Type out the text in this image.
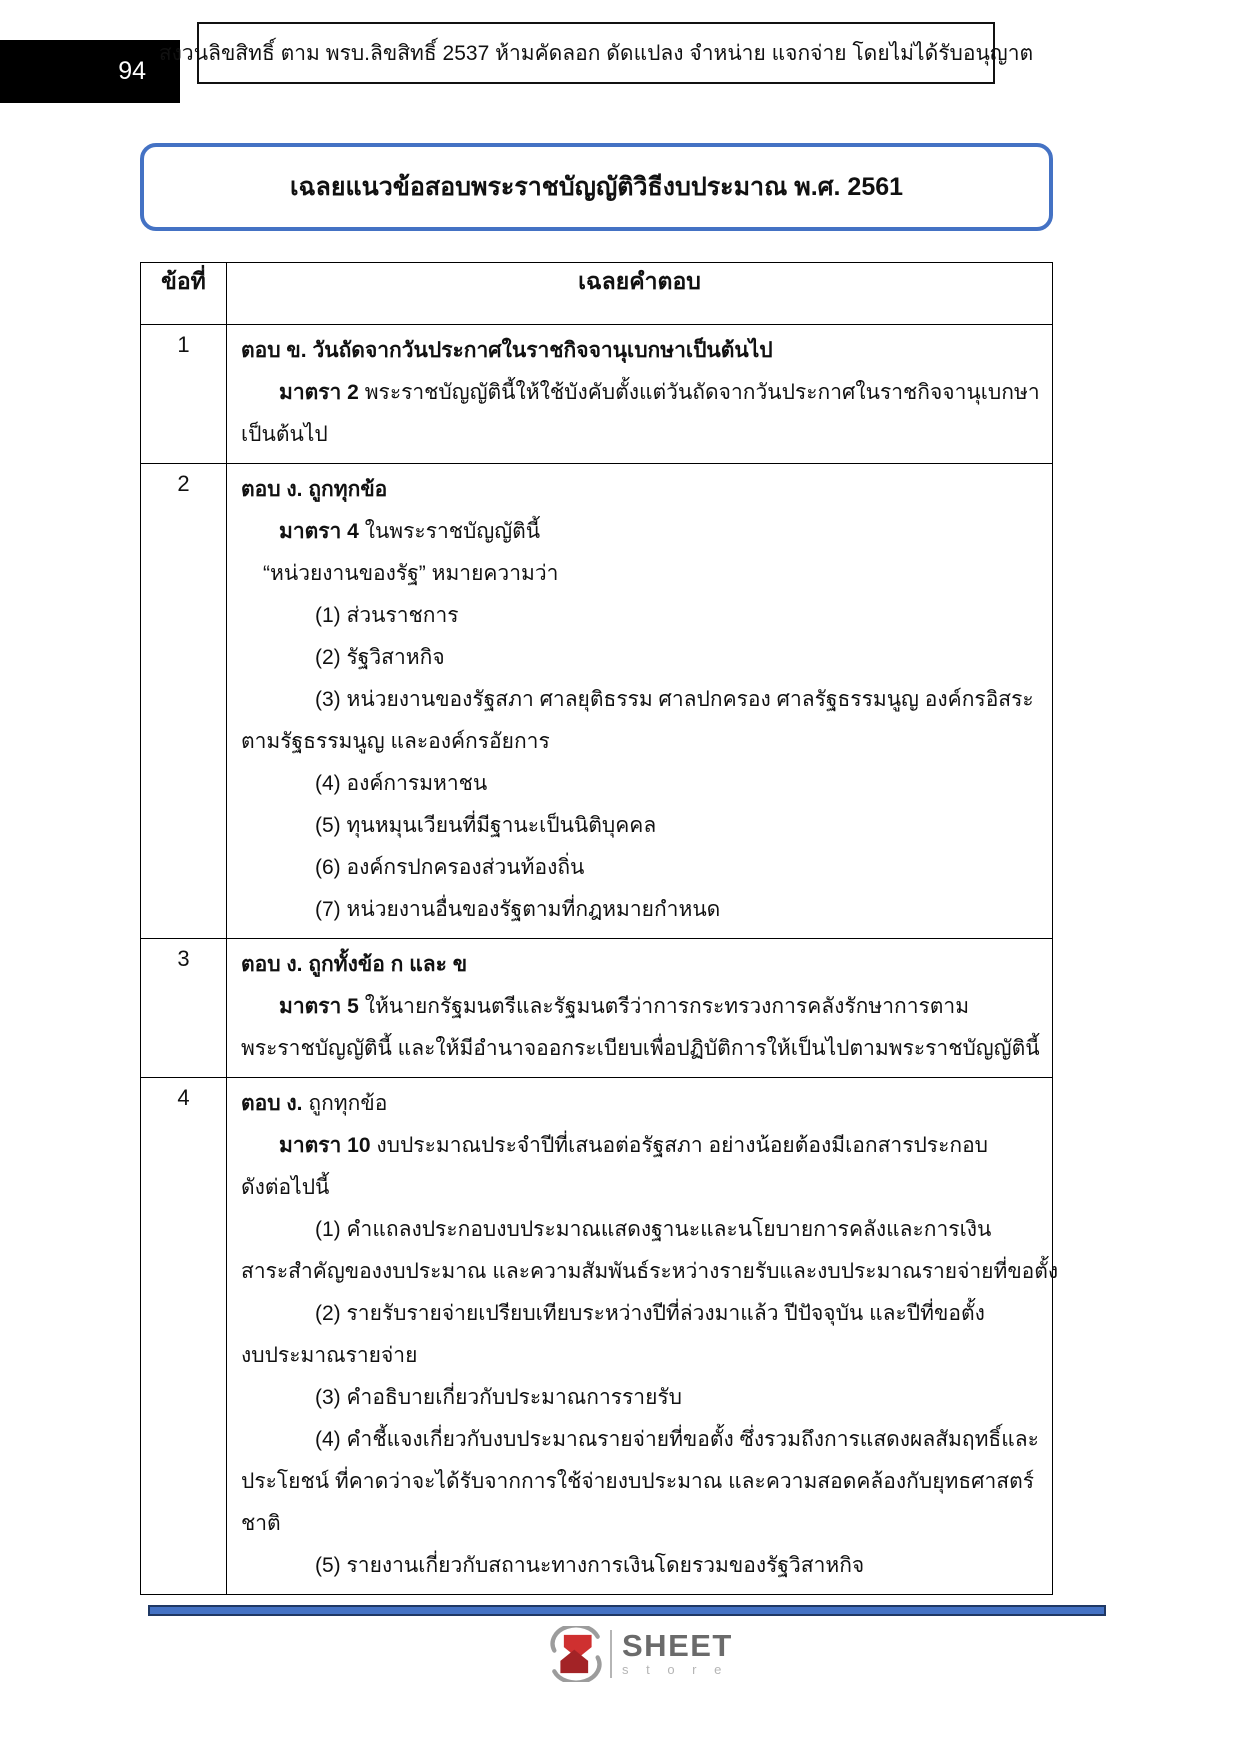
94
สงวนลิขสิทธิ์ ตาม พรบ.ลิขสิทธิ์ 2537 ห้ามคัดลอก ดัดแปลง จำหน่าย แจกจ่าย โดยไม่ได้รับอนุญาต
เฉลยแนวข้อสอบพระราชบัญญัติวิธีงบประมาณ พ.ศ. 2561
ข้อที่	เฉลยคำตอบ
1	ตอบ ข. วันถัดจากวันประกาศในราชกิจจานุเบกษาเป็นต้นไป
มาตรา 2 พระราชบัญญัตินี้ให้ใช้บังคับตั้งแต่วันถัดจากวันประกาศในราชกิจจานุเบกษา
เป็นต้นไป

2	ตอบ ง. ถูกทุกข้อ
มาตรา 4 ในพระราชบัญญัตินี้
“หน่วยงานของรัฐ” หมายความว่า
(1) ส่วนราชการ
(2) รัฐวิสาหกิจ
(3) หน่วยงานของรัฐสภา ศาลยุติธรรม ศาลปกครอง ศาลรัฐธรรมนูญ องค์กรอิสระ
ตามรัฐธรรมนูญ และองค์กรอัยการ
(4) องค์การมหาชน
(5) ทุนหมุนเวียนที่มีฐานะเป็นนิติบุคคล
(6) องค์กรปกครองส่วนท้องถิ่น
(7) หน่วยงานอื่นของรัฐตามที่กฎหมายกำหนด

3	ตอบ ง. ถูกทั้งข้อ ก และ ข
มาตรา 5 ให้นายกรัฐมนตรีและรัฐมนตรีว่าการกระทรวงการคลังรักษาการตาม
พระราชบัญญัตินี้ และให้มีอำนาจออกระเบียบเพื่อปฏิบัติการให้เป็นไปตามพระราชบัญญัตินี้

4	ตอบ ง. ถูกทุกข้อ
มาตรา 10 งบประมาณประจำปีที่เสนอต่อรัฐสภา อย่างน้อยต้องมีเอกสารประกอบ
ดังต่อไปนี้
(1) คำแถลงประกอบงบประมาณแสดงฐานะและนโยบายการคลังและการเงิน
สาระสำคัญของงบประมาณ และความสัมพันธ์ระหว่างรายรับและงบประมาณรายจ่ายที่ขอตั้ง
(2) รายรับรายจ่ายเปรียบเทียบระหว่างปีที่ล่วงมาแล้ว ปีปัจจุบัน และปีที่ขอตั้ง
งบประมาณรายจ่าย
(3) คำอธิบายเกี่ยวกับประมาณการรายรับ
(4) คำชี้แจงเกี่ยวกับงบประมาณรายจ่ายที่ขอตั้ง ซึ่งรวมถึงการแสดงผลสัมฤทธิ์และ
ประโยชน์ ที่คาดว่าจะได้รับจากการใช้จ่ายงบประมาณ และความสอดคล้องกับยุทธศาสตร์
ชาติ
(5) รายงานเกี่ยวกับสถานะทางการเงินโดยรวมของรัฐวิสาหกิจ
SHEET
s t o r e
